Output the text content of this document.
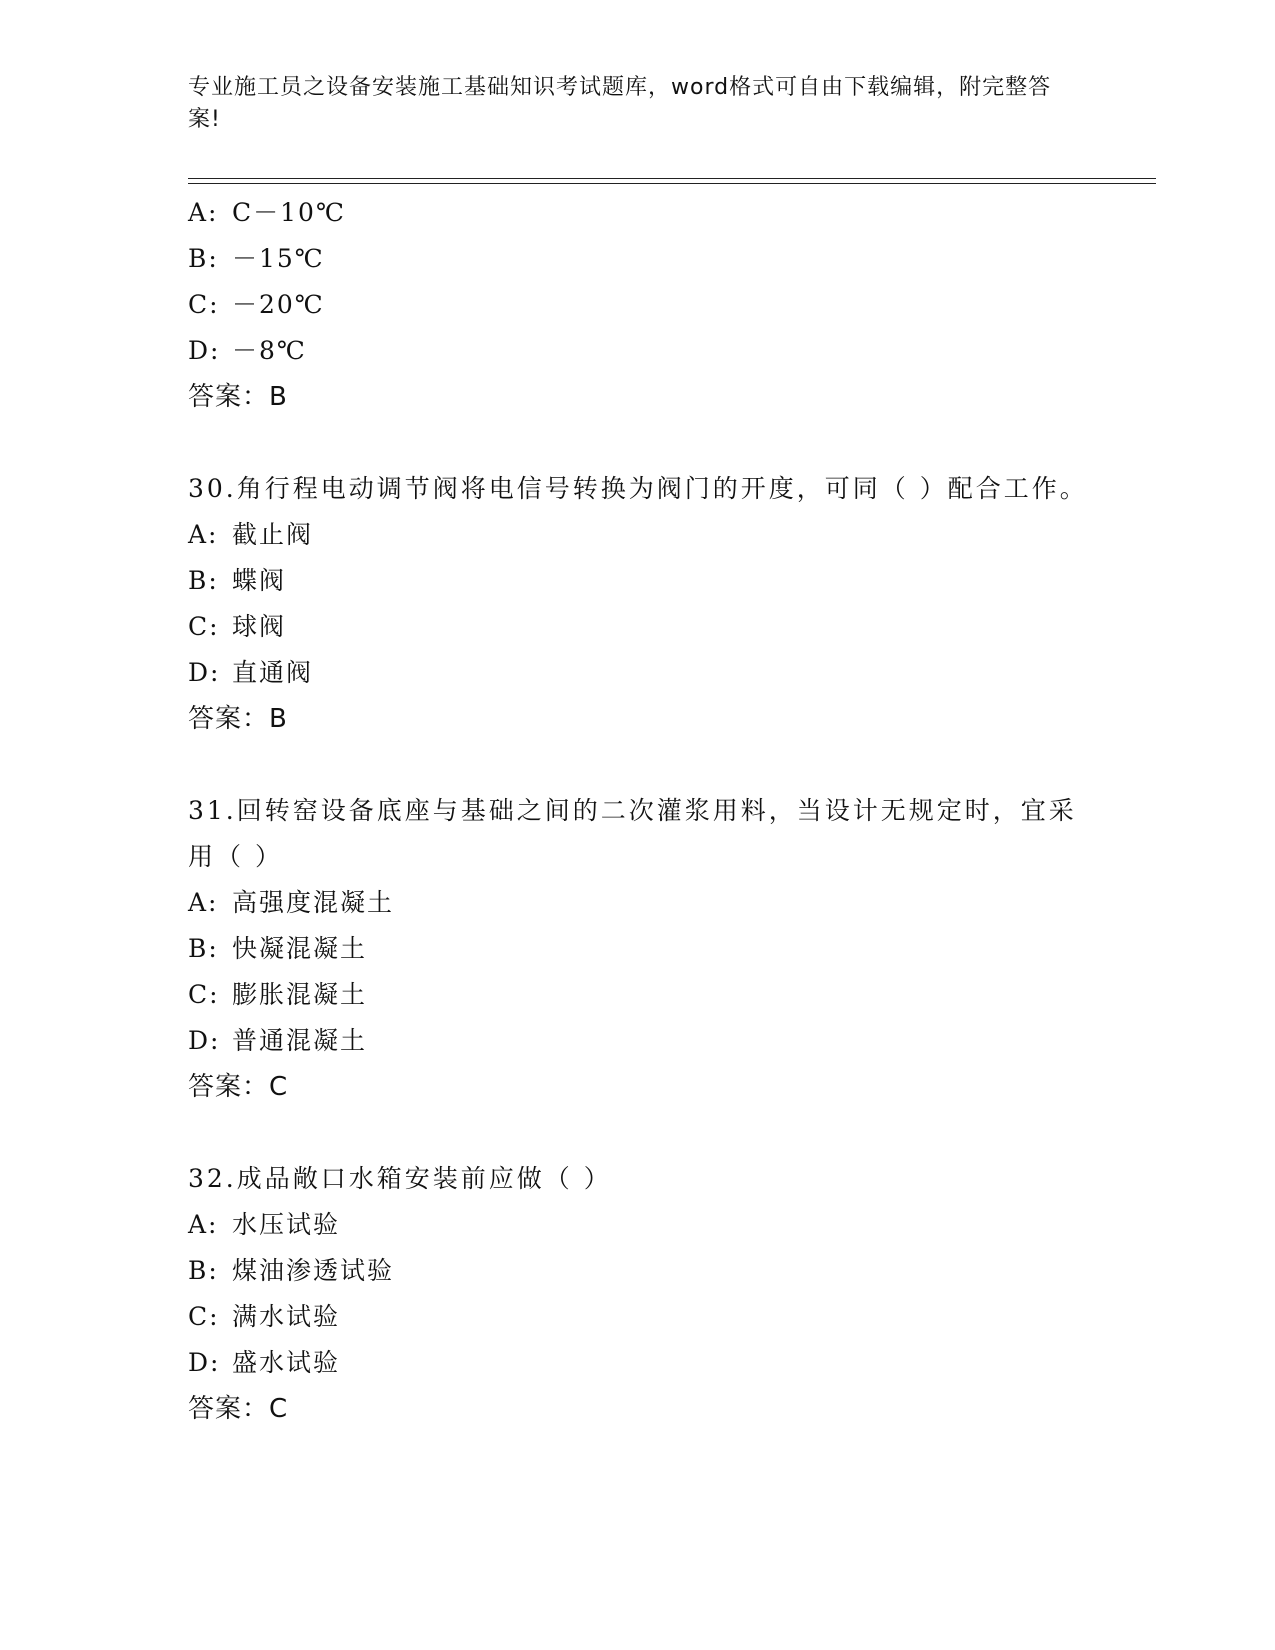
专业施工员之设备安装施工基础知识考试题库，word格式可自由下载编辑，附完整答案!
A: C－10℃
B: －15℃
C: －20℃
D: －8℃
答案：B
30.角行程电动调节阀将电信号转换为阀门的开度，可同（ ）配合工作。
A: 截止阀
B: 蝶阀
C: 球阀
D: 直通阀
答案：B
31.回转窑设备底座与基础之间的二次灌浆用料，当设计无规定时，宜采用（ ）
A: 高强度混凝土
B: 快凝混凝土
C: 膨胀混凝土
D: 普通混凝土
答案：C
32.成品敞口水箱安装前应做（ ）
A: 水压试验
B: 煤油渗透试验
C: 满水试验
D: 盛水试验
答案：C
